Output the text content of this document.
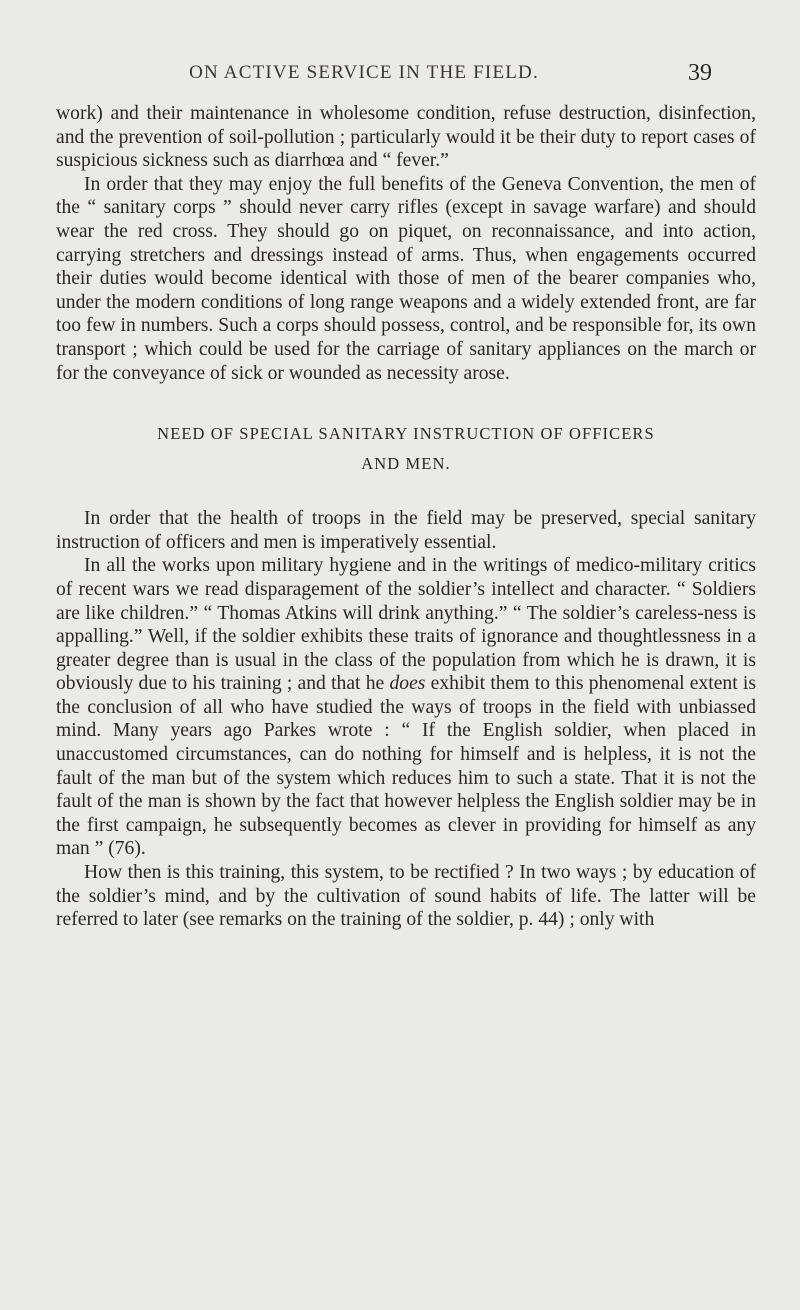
ON ACTIVE SERVICE IN THE FIELD.	39

work) and their maintenance in wholesome condition, refuse destruction, disinfection, and the prevention of soil-pollution ; particularly would it be their duty to report cases of suspicious sickness such as diarrhœa and “ fever.”

In order that they may enjoy the full benefits of the Geneva Convention, the men of the “ sanitary corps ” should never carry rifles (except in savage warfare) and should wear the red cross. They should go on piquet, on reconnaissance, and into action, carrying stretchers and dressings instead of arms. Thus, when engagements occurred their duties would become identical with those of men of the bearer companies who, under the modern conditions of long range weapons and a widely extended front, are far too few in numbers. Such a corps should possess, control, and be responsible for, its own transport ; which could be used for the carriage of sanitary appliances on the march or for the conveyance of sick or wounded as necessity arose.

NEED OF SPECIAL SANITARY INSTRUCTION OF OFFICERS
AND MEN.

In order that the health of troops in the field may be preserved, special sanitary instruction of officers and men is imperatively essential.

In all the works upon military hygiene and in the writings of medico-military critics of recent wars we read disparagement of the soldier’s intellect and character. “ Soldiers are like children.” “ Thomas Atkins will drink anything.” “ The soldier’s careless-ness is appalling.” Well, if the soldier exhibits these traits of ignorance and thoughtlessness in a greater degree than is usual in the class of the population from which he is drawn, it is obviously due to his training ; and that he does exhibit them to this phenomenal extent is the conclusion of all who have studied the ways of troops in the field with unbiassed mind. Many years ago Parkes wrote : “ If the English soldier, when placed in unaccustomed circumstances, can do nothing for himself and is helpless, it is not the fault of the man but of the system which reduces him to such a state. That it is not the fault of the man is shown by the fact that however helpless the English soldier may be in the first campaign, he subsequently becomes as clever in providing for himself as any man ” (76).

How then is this training, this system, to be rectified ? In two ways ; by education of the soldier’s mind, and by the cultivation of sound habits of life. The latter will be referred to later (see remarks on the training of the soldier, p. 44) ; only with
